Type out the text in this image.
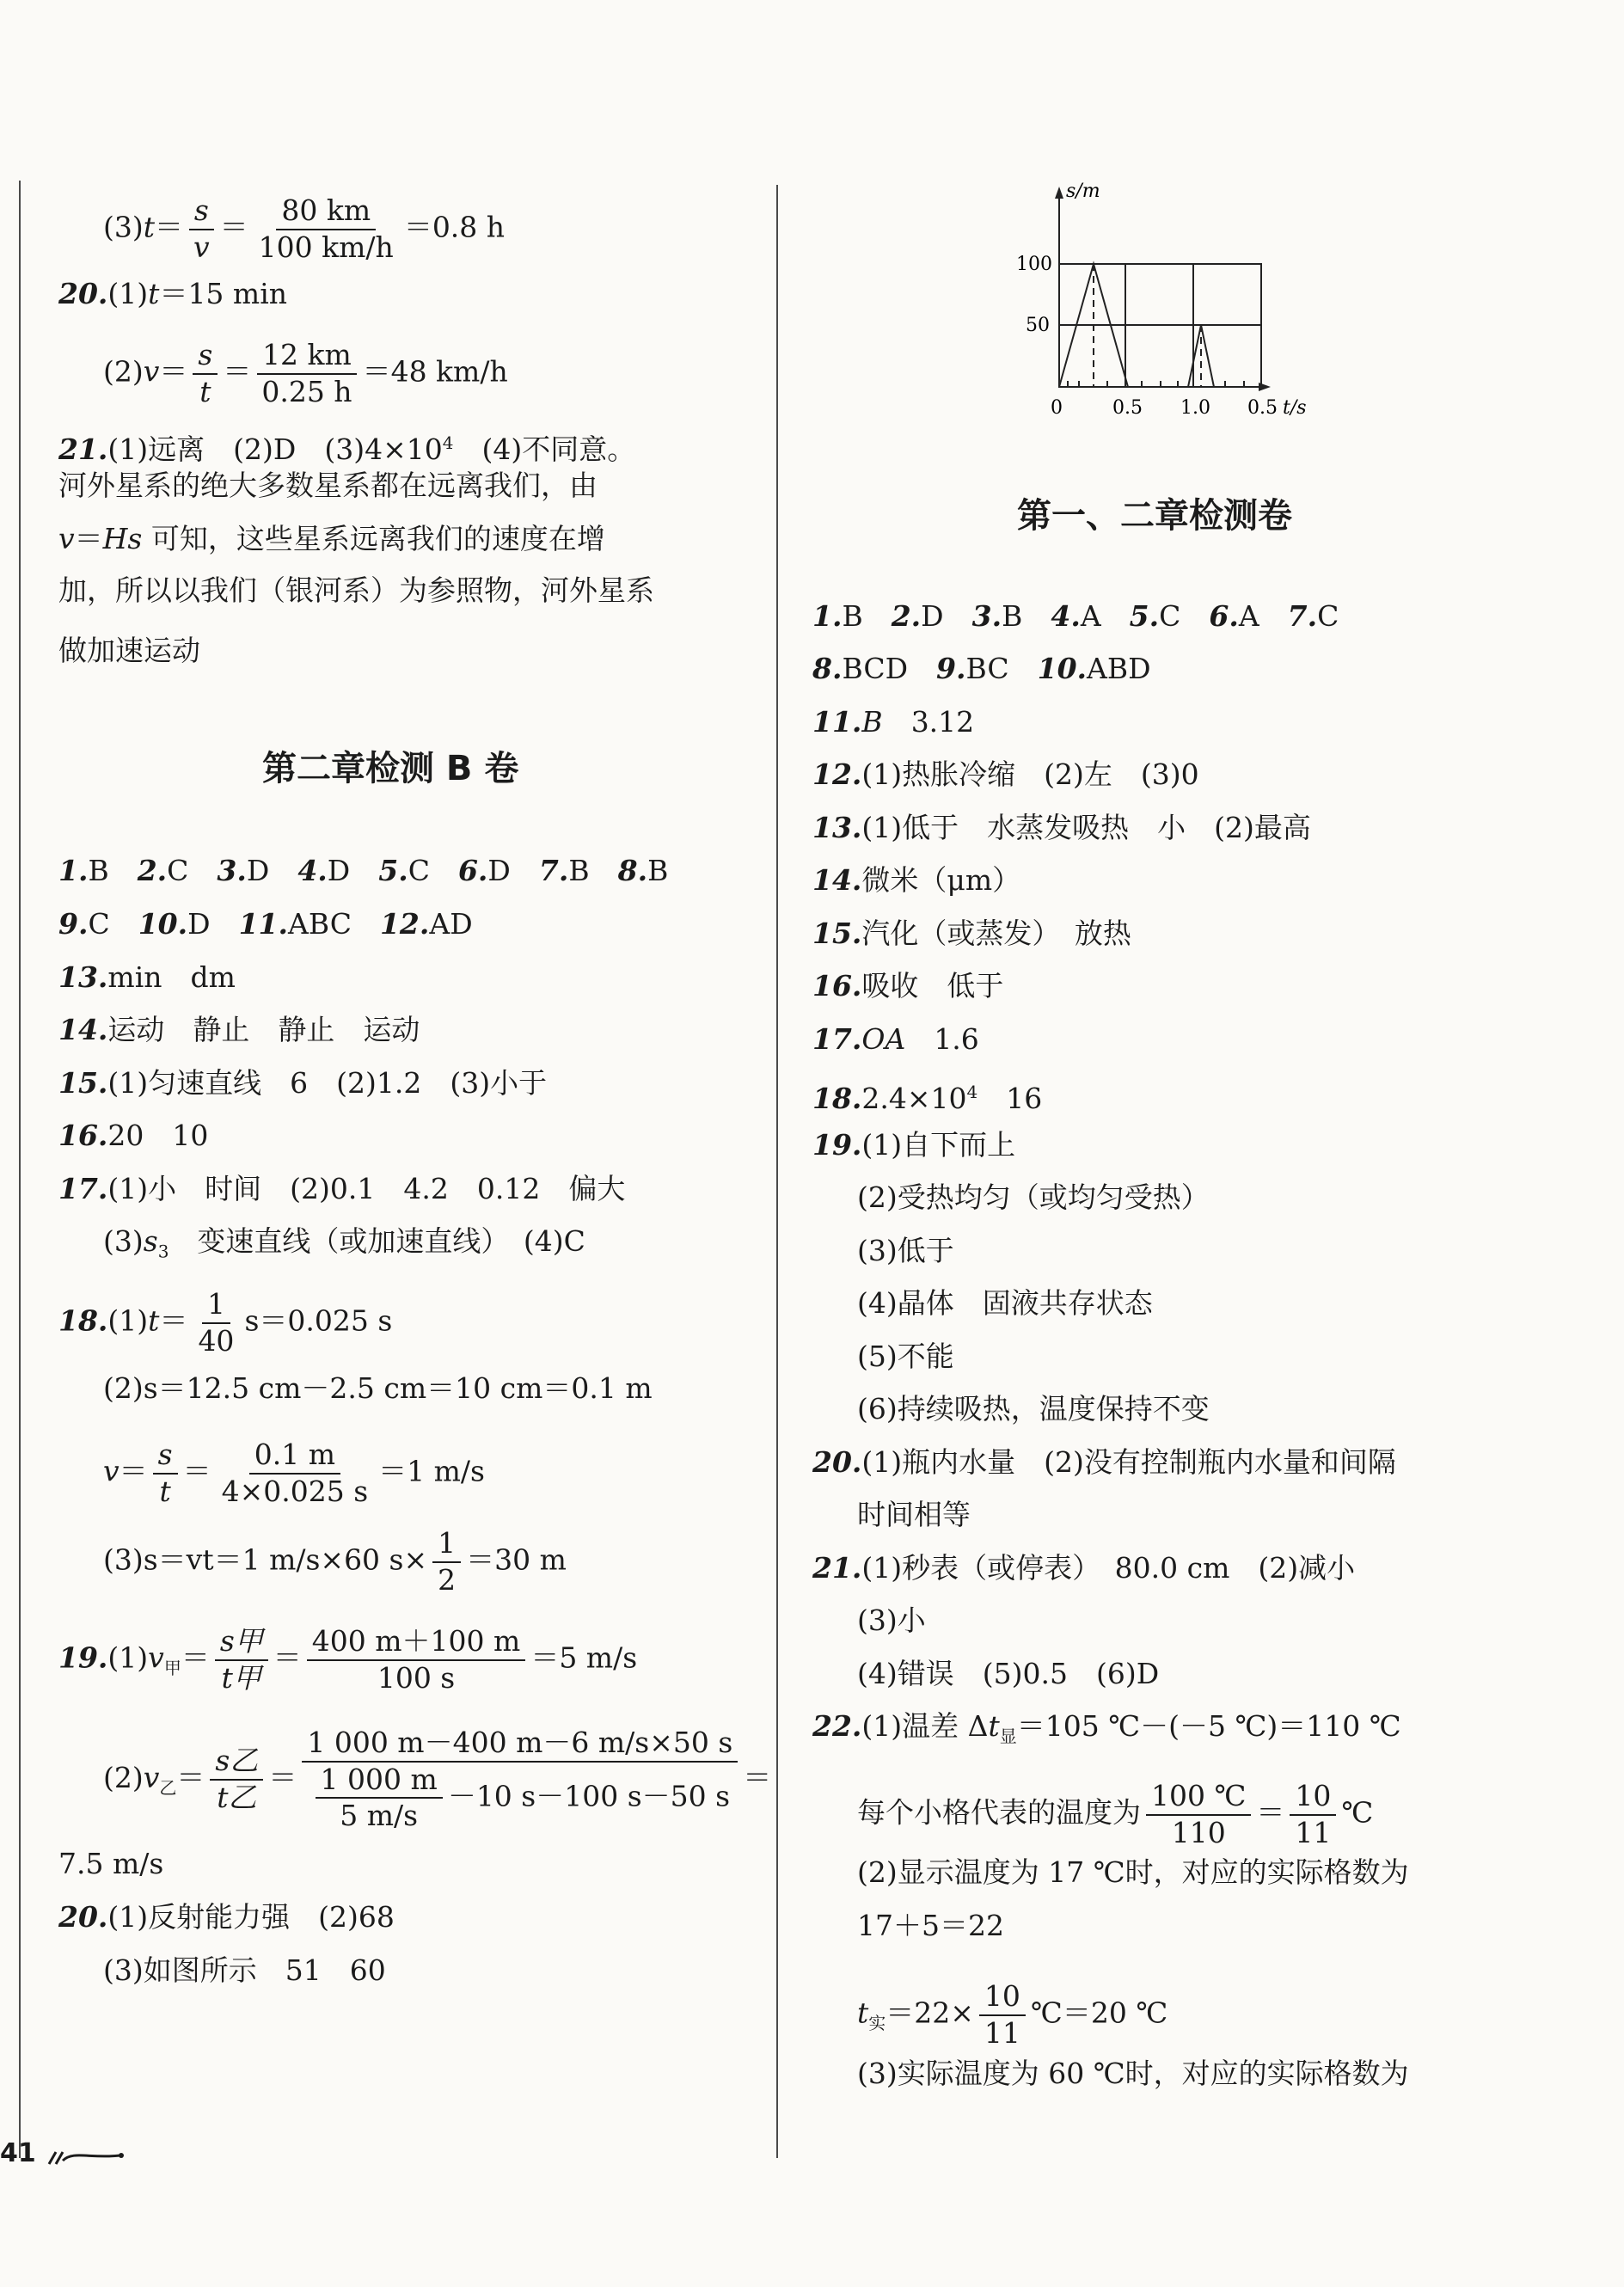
$(3)t= \frac{s}{v} = \frac{80 km}{100 km/h} =0.8$ h
20.(1)t＝15 min
$(2)v= \frac{s}{t} = \frac{12 km}{0.25 h} =48$ km/h
21.(1)远离　(2)D　$(3)4\times 10^4$　(4)不同意。
河外星系的绝大多数星系都在远离我们，由
v＝Hs 可知，这些星系远离我们的速度在增
加，所以以我们（银河系）为参照物，河外星系
做加速运动
第二章检测 B 卷
1.B　2.C　3.D　4.D　5.C　6.D　7.B　8.B
9.C　10.D　11.ABC　12.AD
13.min　dm
14.运动　静止　静止　运动
15.(1)匀速直线　6　(2)1.2　(3)小于
16.20　10
17.(1)小　时间　(2)0.1　4.2　0.12　偏大
$(3)s_3$　变速直线（或加速直线）　(4)C
$18.(1)t= \frac{1}{40} s=0.025$ s
(2)s＝12.5 cm－2.5 cm＝10 cm＝0.1 m
$v= \frac{s}{t} = \frac{0.1 m}{4\times 0.025 s} =1$ m/s
(3)s＝vt＝1 m/s×60 $s\times \frac{1}{2} =30$ m
$19.(1)v_甲= \frac{\text{s甲}}{\text{t甲}} = \frac{400 m+100 m}{100 s} =5$ m/s
$(2)v_乙= \frac{\text{s乙}}{\text{t乙}} = \frac{1 000 m-400 m-6 m/s\times 50 s}{\frac{1 000 m}{5 m/s} -10 s-100 s-50 s}$ ＝
7.5 m/s
20.(1)反射能力强　(2)68
(3)如图所示　51　60
s/m
100
50
0	0.5 1.0 0.5 t/s
第一、二章检测卷
1.B　2.D　3.B　4.A　5.C　6.A　7.C
8.BCD　9.BC　10.ABD
11.B　3.12
12.(1)热胀冷缩　(2)左　(3)0
13.(1)低于　水蒸发吸热　小　(2)最高
14.微米（μm）
15.汽化（或蒸发）　放热
16.吸收　低于
17.OA　1.6
$18.2.4\times 10^4$　16
19.(1)自下而上
(2)受热均匀（或均匀受热）
(3)低于
(4)晶体　固液共存状态
(5)不能
(6)持续吸热，温度保持不变
20.(1)瓶内水量　(2)没有控制瓶内水量和间隔
时间相等
21.(1)秒表（或停表）　80.0 cm　(2)减小
(3)小
(4)错误　(5)0.5　(6)D
22.(1)温差 $\Delta t_显=105$ ℃－(－5 ℃)＝110 ℃
每个小格代表的温度为 $\frac{100 ℃}{110} = \frac{10}{11}$ ℃
(2)显示温度为 17 ℃时，对应的实际格数为
17＋5＝22
$t_实=22\times \frac{10}{11}$ ℃＝20 ℃
(3)实际温度为 60 ℃时，对应的实际格数为
41
